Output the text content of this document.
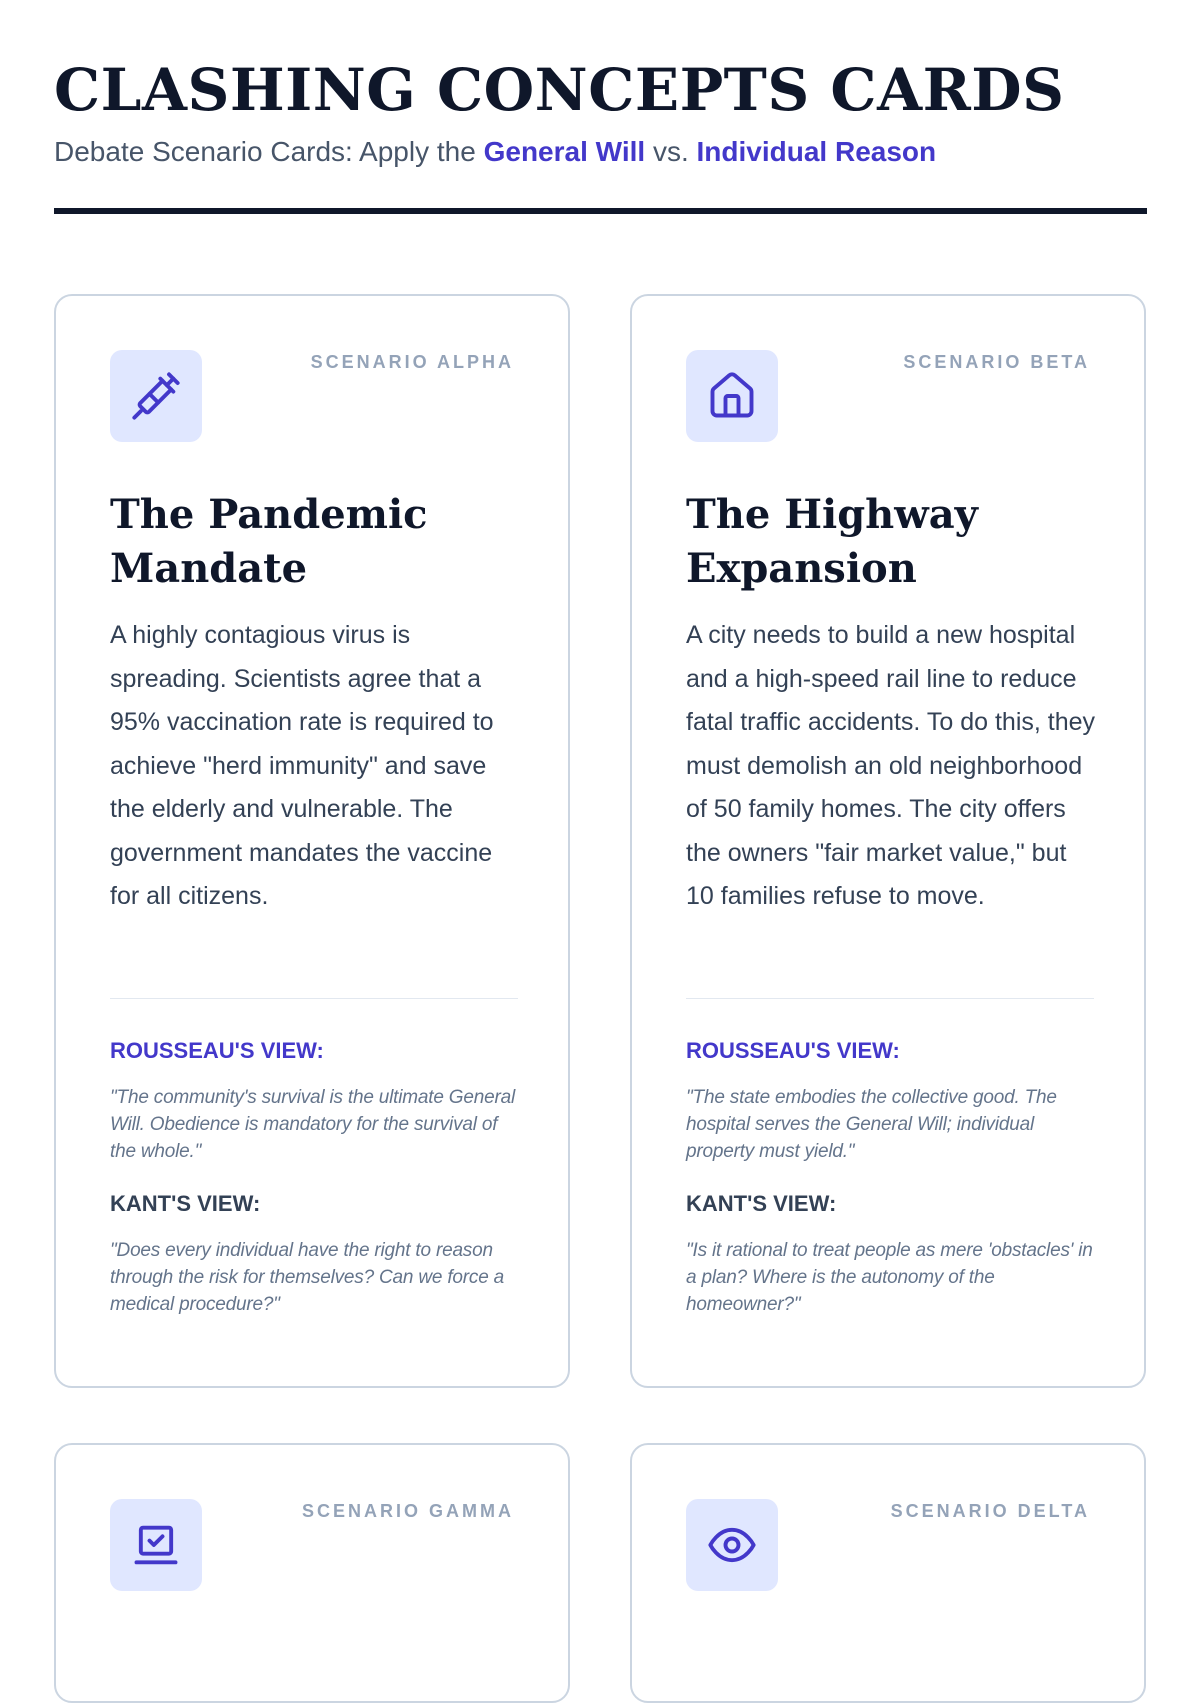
CLASHING CONCEPTS CARDS
Debate Scenario Cards: Apply the General Will vs. Individual Reason
SCENARIO ALPHA
The Pandemic Mandate
A highly contagious virus is spreading. Scientists agree that a 95% vaccination rate is required to achieve "herd immunity" and save the elderly and vulnerable. The government mandates the vaccine for all citizens.
ROUSSEAU'S VIEW:
"The community's survival is the ultimate General Will. Obedience is mandatory for the survival of the whole."
KANT'S VIEW:
"Does every individual have the right to reason through the risk for themselves? Can we force a medical procedure?"
SCENARIO BETA
The Highway Expansion
A city needs to build a new hospital and a high-speed rail line to reduce fatal traffic accidents. To do this, they must demolish an old neighborhood of 50 family homes. The city offers the owners "fair market value," but 10 families refuse to move.
ROUSSEAU'S VIEW:
"The state embodies the collective good. The hospital serves the General Will; individual property must yield."
KANT'S VIEW:
"Is it rational to treat people as mere 'obstacles' in a plan? Where is the autonomy of the homeowner?"
SCENARIO GAMMA	SCENARIO DELTA
